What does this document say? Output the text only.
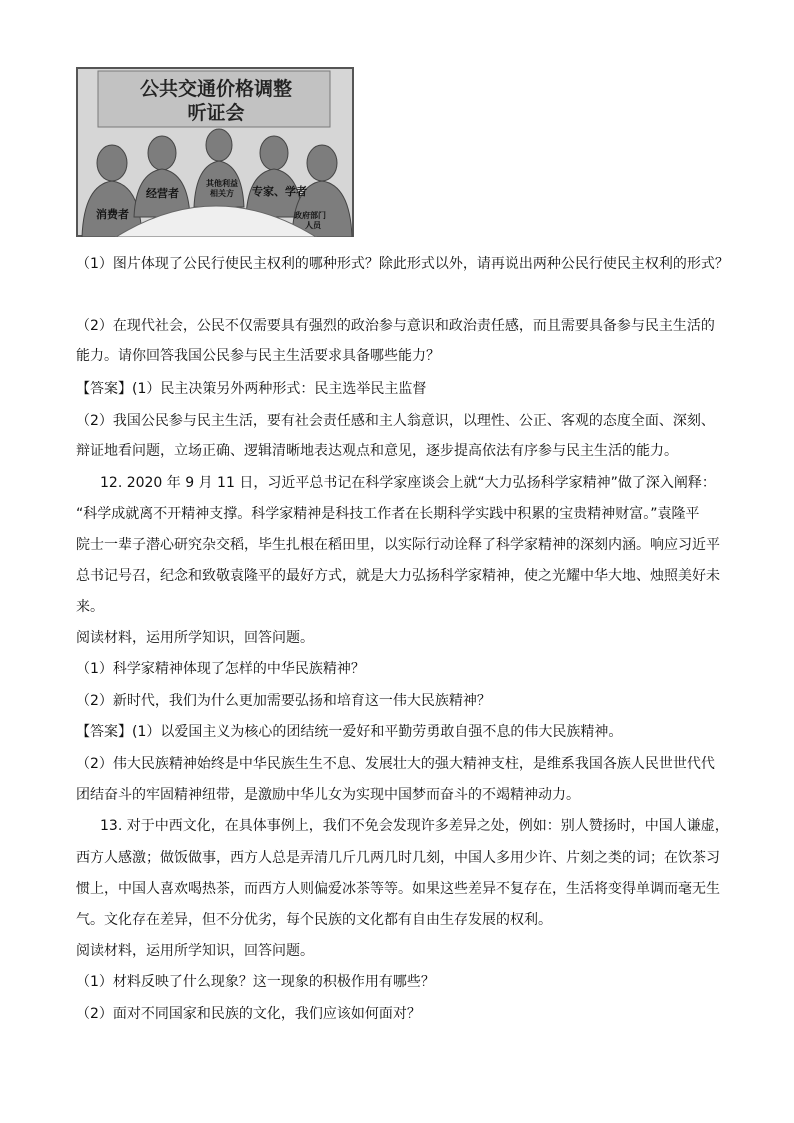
公共交通价格调整
听证会
消费者
经营者
其他利益
相关方 专家、学者
政府部门
人员
（1）图片体现了公民行使民主权利的哪种形式？除此形式以外，请再说出两种公民行使民主权利的形式？
（2）在现代社会，公民不仅需要具有强烈的政治参与意识和政治责任感，而且需要具备参与民主生活的
能力。请你回答我国公民参与民主生活要求具备哪些能力？
【答案】(1）民主决策另外两种形式：民主选举民主监督
（2）我国公民参与民主生活，要有社会责任感和主人翁意识，以理性、公正、客观的态度全面、深刻、
辩证地看问题，立场正确、逻辑清晰地表达观点和意见，逐步提高依法有序参与民主生活的能力。
12. 2020 年 9 月 11 日，习近平总书记在科学家座谈会上就“大力弘扬科学家精神”做了深入阐释：
“科学成就离不开精神支撑。科学家精神是科技工作者在长期科学实践中积累的宝贵精神财富。”袁隆平
院士一辈子潜心研究杂交稻，毕生扎根在稻田里，以实际行动诠释了科学家精神的深刻内涵。响应习近平
总书记号召，纪念和致敬袁隆平的最好方式，就是大力弘扬科学家精神，使之光耀中华大地、烛照美好未
来。
阅读材料，运用所学知识，回答问题。
（1）科学家精神体现了怎样的中华民族精神？
（2）新时代，我们为什么更加需要弘扬和培育这一伟大民族精神？
【答案】(1）以爱国主义为核心的团结统一爱好和平勤劳勇敢自强不息的伟大民族精神。
（2）伟大民族精神始终是中华民族生生不息、发展壮大的强大精神支柱，是维系我国各族人民世世代代
团结奋斗的牢固精神纽带，是激励中华儿女为实现中国梦而奋斗的不竭精神动力。
13. 对于中西文化，在具体事例上，我们不免会发现许多差异之处，例如：别人赞扬时，中国人谦虚，
西方人感激；做饭做事，西方人总是弄清几斤几两几时几刻，中国人多用少许、片刻之类的词；在饮茶习
惯上，中国人喜欢喝热茶，而西方人则偏爱冰茶等等。如果这些差异不复存在，生活将变得单调而毫无生
气。文化存在差异，但不分优劣，每个民族的文化都有自由生存发展的权利。
阅读材料，运用所学知识，回答问题。
（1）材料反映了什么现象？这一现象的积极作用有哪些？
（2）面对不同国家和民族的文化，我们应该如何面对？
